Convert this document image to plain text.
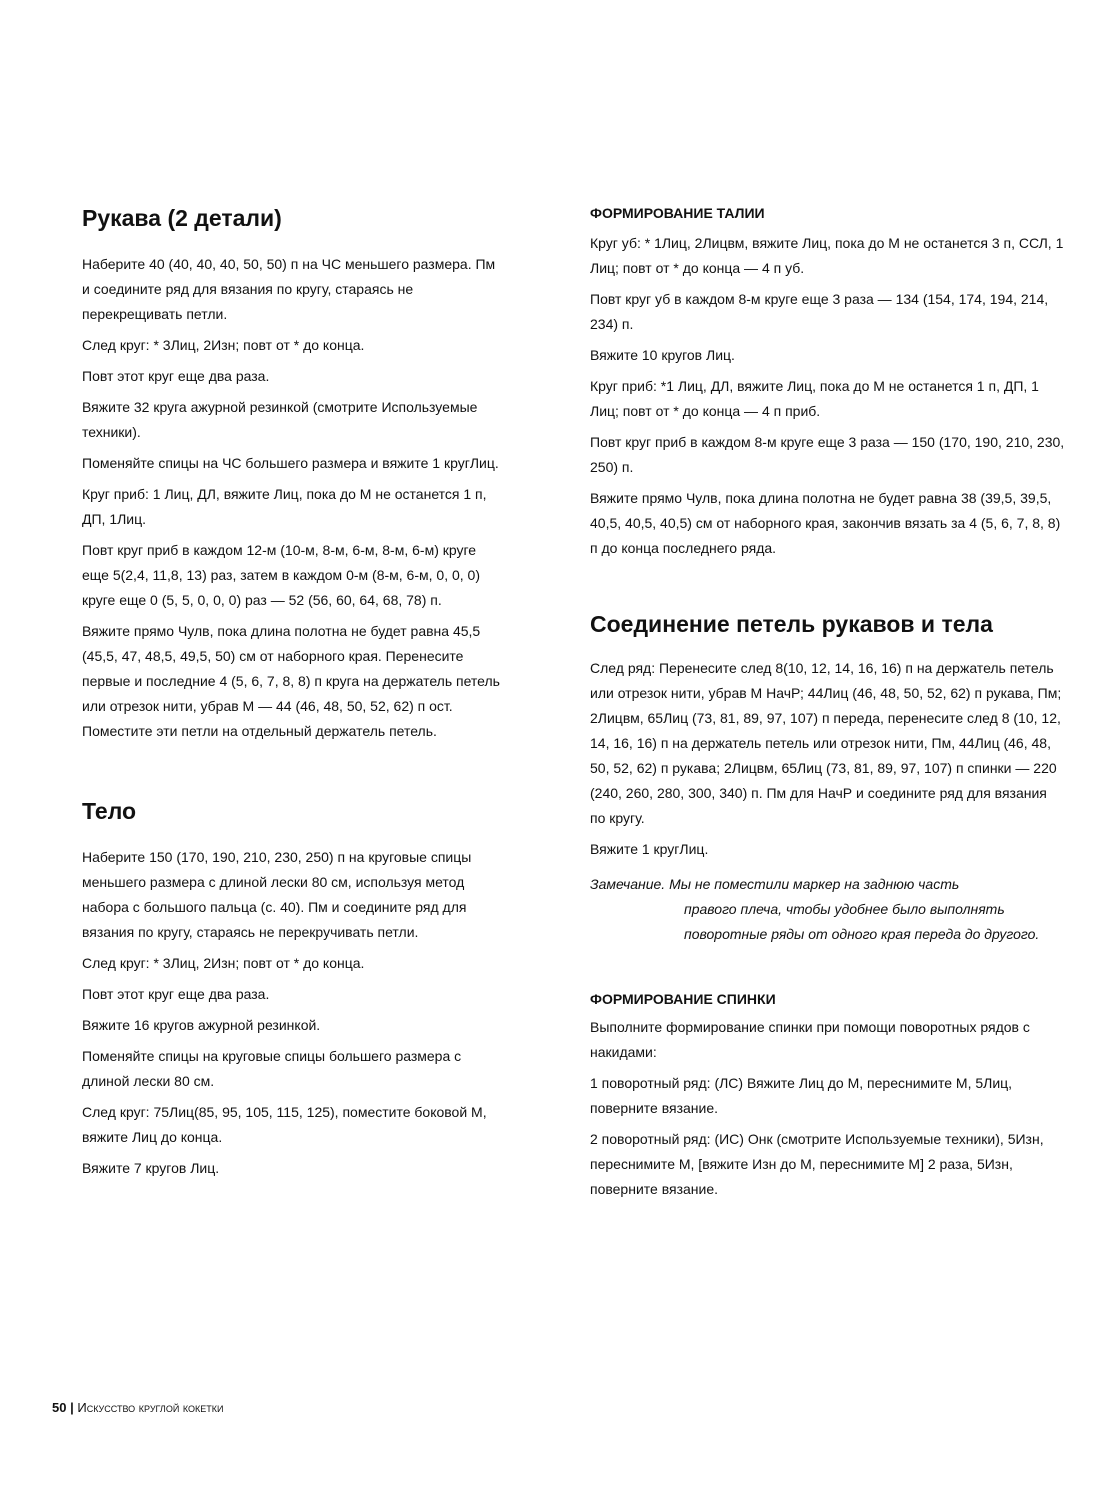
Рукава (2 детали)

Наберите 40 (40, 40, 40, 50, 50) п на ЧС меньшего размера. Пм и соедините ряд для вязания по кругу, стараясь не перекрещивать петли.

След круг: * 3Лиц, 2Изн; повт от * до конца.

Повт этот круг еще два раза.

Вяжите 32 круга ажурной резинкой (смотрите Используемые техники).

Поменяйте спицы на ЧС большего размера и вяжите 1 кругЛиц.

Круг приб: 1 Лиц, ДЛ, вяжите Лиц, пока до М не останется 1 п, ДП, 1Лиц.

Повт круг приб в каждом 12-м (10-м, 8-м, 6-м, 8-м, 6-м) круге еще 5(2,4, 11,8, 13) раз, затем в каждом 0-м (8-м, 6-м, 0, 0, 0) круге еще 0 (5, 5, 0, 0, 0) раз — 52 (56, 60, 64, 68, 78) п.

Вяжите прямо Чулв, пока длина полотна не будет равна 45,5 (45,5, 47, 48,5, 49,5, 50) см от наборного края. Перенесите первые и последние 4 (5, 6, 7, 8, 8) п круга на держатель петель или отрезок нити, убрав М — 44 (46, 48, 50, 52, 62) п ост. Поместите эти петли на отдельный держатель петель.

Тело

Наберите 150 (170, 190, 210, 230, 250) п на круговые спицы меньшего размера с длиной лески 80 см, используя метод набора с большого пальца (с. 40). Пм и соедините ряд для вязания по кругу, стараясь не перекручивать петли.

След круг: * 3Лиц, 2Изн; повт от * до конца.

Повт этот круг еще два раза.

Вяжите 16 кругов ажурной резинкой.

Поменяйте спицы на круговые спицы большего размера с длиной лески 80 см.

След круг: 75Лиц(85, 95, 105, 115, 125), поместите боковой М, вяжите Лиц до конца.

Вяжите 7 кругов Лиц.

ФОРМИРОВАНИЕ ТАЛИИ

Круг уб: * 1Лиц, 2Лицвм, вяжите Лиц, пока до М не останется 3 п, ССЛ, 1 Лиц; повт от * до конца — 4 п уб.

Повт круг уб в каждом 8-м круге еще 3 раза — 134 (154, 174, 194, 214, 234) п.

Вяжите 10 кругов Лиц.

Круг приб: *1 Лиц, ДЛ, вяжите Лиц, пока до М не останется 1 п, ДП, 1 Лиц; повт от * до конца — 4 п приб.

Повт круг приб в каждом 8-м круге еще 3 раза — 150 (170, 190, 210, 230, 250) п.

Вяжите прямо Чулв, пока длина полотна не будет равна 38 (39,5, 39,5, 40,5, 40,5, 40,5) см от наборного края, закончив вязать за 4 (5, 6, 7, 8, 8) п до конца последнего ряда.

Соединение петель рукавов и тела

След ряд: Перенесите след 8(10, 12, 14, 16, 16) п на держатель петель или отрезок нити, убрав М НачР; 44Лиц (46, 48, 50, 52, 62) п рукава, Пм; 2Лицвм, 65Лиц (73, 81, 89, 97, 107) п переда, перенесите след 8 (10, 12, 14, 16, 16) п на держатель петель или отрезок нити, Пм, 44Лиц (46, 48, 50, 52, 62) п рукава; 2Лицвм, 65Лиц (73, 81, 89, 97, 107) п спинки — 220 (240, 260, 280, 300, 340) п. Пм для НачР и соедините ряд для вязания по кругу.

Вяжите 1 кругЛиц.

Замечание. Мы не поместили маркер на заднюю часть
правого плеча, чтобы удобнее было выполнять поворотные ряды от одного края переда до другого.

ФОРМИРОВАНИЕ СПИНКИ

Выполните формирование спинки при помощи поворотных рядов с накидами:

1 поворотный ряд: (ЛС) Вяжите Лиц до М, переснимите М, 5Лиц, поверните вязание.

2 поворотный ряд: (ИС) Онк (смотрите Используемые техники), 5Изн, переснимите М, [вяжите Изн до М, переснимите М] 2 раза, 5Изн, поверните вязание.

50 | Искусство круглой кокетки
